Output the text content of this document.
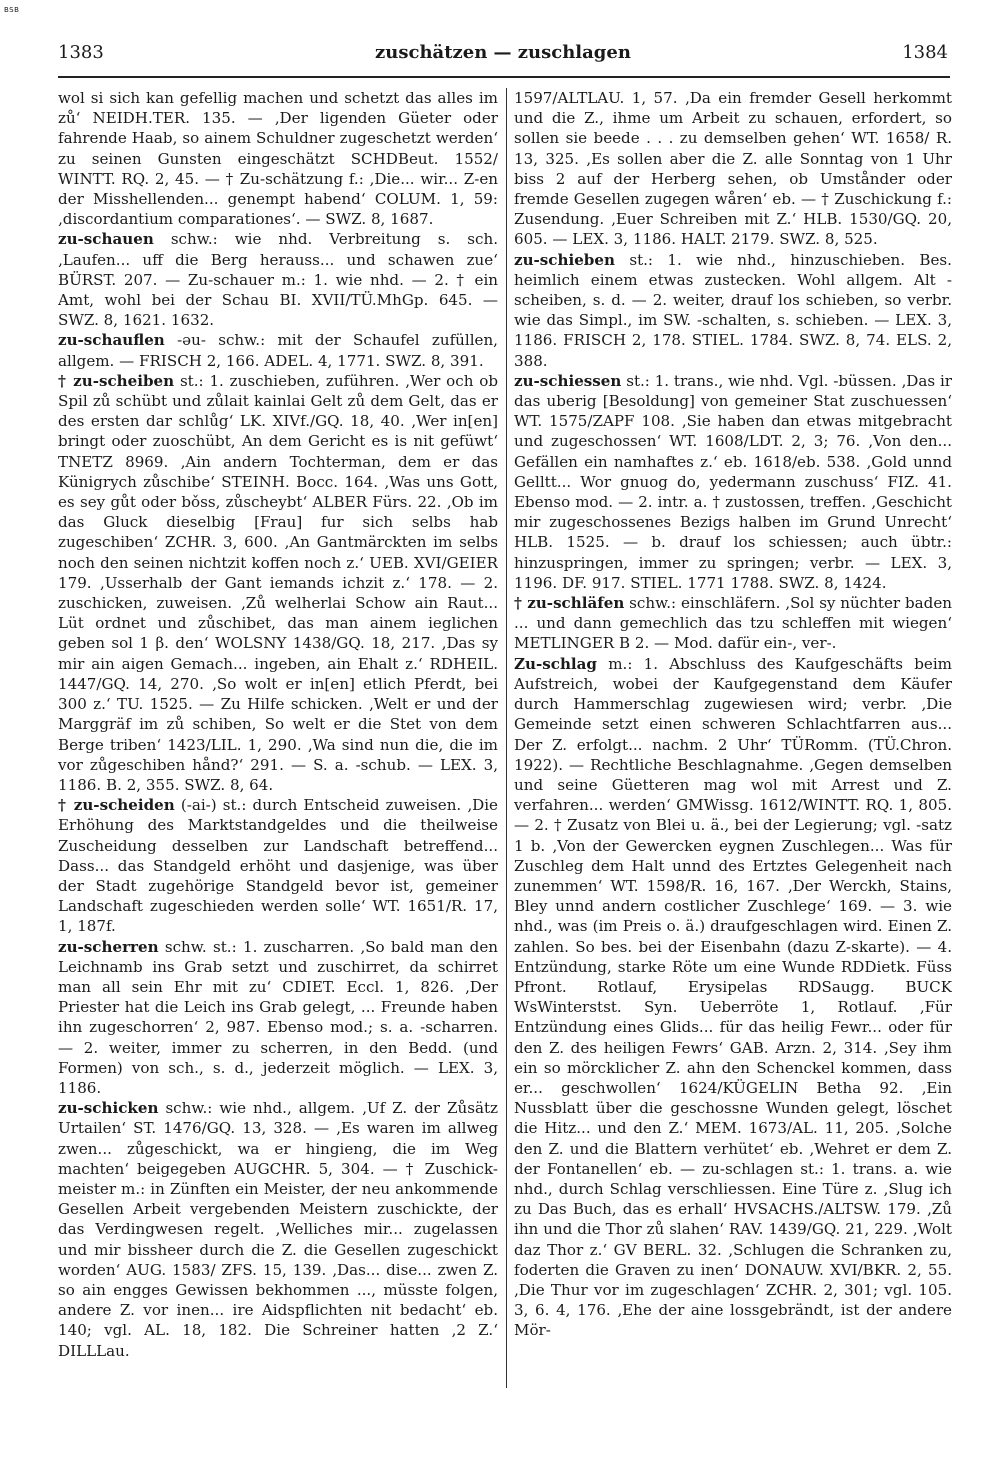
BSB
1383	zuschätzen — zuschlagen	1384

wol si sich kan gefellig machen und schetzt das alles im zů‘ NEIDH.TER. 135. — ‚Der ligenden Güeter oder fahrende Haab, so ainem Schuldner zugeschetzt werden‘ zu seinen Gunsten eingeschätzt SCHDBeut. 1552/ WINTT. RQ. 2, 45. — † Zu-schätzung f.: ‚Die... wir... Z-en der Misshellenden... genempt habend‘ COLUM. 1, 59: ‚discordantium comparationes‘. — SWZ. 8, 1687.

zu-schauen schw.: wie nhd. Verbreitung s. sch. ‚Laufen... uff die Berg herauss... und schawen zue‘ BÜRST. 207. — Zu-schauer m.: 1. wie nhd. — 2. † ein Amt, wohl bei der Schau BI. XVII/TÜ.MhGp. 645. — SWZ. 8, 1621. 1632.

zu-schauflen -ǝu- schw.: mit der Schaufel zufüllen, allgem. — FRISCH 2, 166. ADEL. 4, 1771. SWZ. 8, 391.

† zu-scheiben st.: 1. zuschieben, zuführen. ‚Wer och ob Spil zů schübt und zůlait kainlai Gelt zů dem Gelt, das er des ersten dar schlůg‘ LK. XIVf./GQ. 18, 40. ‚Wer in[en] bringt oder zuoschübt, An dem Gericht es is nit gefüwt‘ TNETZ 8969. ‚Ain andern Tochterman, dem er das Künigrych zůschibe‘ STEINH. Bocc. 164. ‚Was uns Gott, es sey gůt oder bǒss, zůscheybt‘ ALBER Fürs. 22. ‚Ob im das Gluck dieselbig [Frau] fur sich selbs hab zugeschiben‘ ZCHR. 3, 600. ‚An Gantmärckten im selbs noch den seinen nichtzit koffen noch z.‘ UEB. XVI/GEIER 179. ‚Usserhalb der Gant iemands ichzit z.‘ 178. — 2. zuschicken, zuweisen. ‚Zů welherlai Schow ain Raut... Lüt ordnet und zůschibet, das man ainem ieglichen geben sol 1 β. den‘ WOLSNY 1438/GQ. 18, 217. ‚Das sy mir ain aigen Gemach... ingeben, ain Ehalt z.‘ RDHEIL. 1447/GQ. 14, 270. ‚So wolt er in[en] etlich Pferdt, bei 300 z.‘ TU. 1525. — Zu Hilfe schicken. ‚Welt er und der Marggräf im zů schiben, So welt er die Stet von dem Berge triben‘ 1423/LIL. 1, 290. ‚Wa sind nun die, die im vor zůgeschiben hånd?‘ 291. — S. a. -schub. — LEX. 3, 1186. B. 2, 355. SWZ. 8, 64.

† zu-scheiden (-ai-) st.: durch Entscheid zuweisen. ‚Die Erhöhung des Marktstandgeldes und die theilweise Zuscheidung desselben zur Landschaft betreffend... Dass... das Standgeld erhöht und dasjenige, was über der Stadt zugehörige Standgeld bevor ist, gemeiner Landschaft zugeschieden werden solle‘ WT. 1651/R. 17, 1, 187f.

zu-scherren schw. st.: 1. zuscharren. ‚So bald man den Leichnamb ins Grab setzt und zuschirret, da schirret man all sein Ehr mit zu‘ CDIET. Eccl. 1, 826. ‚Der Priester hat die Leich ins Grab gelegt, ... Freunde haben ihn zugeschorren‘ 2, 987. Ebenso mod.; s. a. -scharren. — 2. weiter, immer zu scherren, in den Bedd. (und Formen) von sch., s. d., jederzeit möglich. — LEX. 3, 1186.

zu-schicken schw.: wie nhd., allgem. ‚Uf Z. der Zůsätz Urtailen‘ ST. 1476/GQ. 13, 328. — ‚Es waren im allweg zwen... zůgeschickt, wa er hingieng, die im Weg machten‘ beigegeben AUGCHR. 5, 304. — † Zuschick-meister m.: in Zünften ein Meister, der neu ankommende Gesellen Arbeit vergebenden Meistern zuschickte, der das Verdingwesen regelt. ‚Welliches mir... zugelassen und mir bissheer durch die Z. die Gesellen zugeschickt worden‘ AUG. 1583/ ZFS. 15, 139. ‚Das... dise... zwen Z. so ain engges Gewissen bekhommen ..., müsste folgen, andere Z. vor inen... ire Aidspflichten nit bedacht‘ eb. 140; vgl. AL. 18, 182. Die Schreiner hatten ‚2 Z.‘ DILLLau.

1597/ALTLAU. 1, 57. ‚Da ein fremder Gesell herkommt und die Z., ihme um Arbeit zu schauen, erfordert, so sollen sie beede . . . zu demselben gehen‘ WT. 1658/ R. 13, 325. ‚Es sollen aber die Z. alle Sonntag von 1 Uhr biss 2 auf der Herberg sehen, ob Umstånder oder fremde Gesellen zugegen wåren‘ eb. — † Zuschickung f.: Zusendung. ‚Euer Schreiben mit Z.‘ HLB. 1530/GQ. 20, 605. — LEX. 3, 1186. HALT. 2179. SWZ. 8, 525.

zu-schieben st.: 1. wie nhd., hinzuschieben. Bes. heimlich einem etwas zustecken. Wohl allgem. Alt -scheiben, s. d. — 2. weiter, drauf los schieben, so verbr. wie das Simpl., im SW. -schalten, s. schieben. — LEX. 3, 1186. FRISCH 2, 178. STIEL. 1784. SWZ. 8, 74. ELS. 2, 388.

zu-schiessen st.: 1. trans., wie nhd. Vgl. -büssen. ‚Das ir das uberig [Besoldung] von gemeiner Stat zuschuessen‘ WT. 1575/ZAPF 108. ‚Sie haben dan etwas mitgebracht und zugeschossen‘ WT. 1608/LDT. 2, 3; 76. ‚Von den... Gefällen ein namhaftes z.‘ eb. 1618/eb. 538. ‚Gold unnd Gelltt... Wor gnuog do, yedermann zuschuss‘ FIZ. 41. Ebenso mod. — 2. intr. a. † zustossen, treffen. ‚Geschicht mir zugeschossenes Bezigs halben im Grund Unrecht‘ HLB. 1525. — b. drauf los schiessen; auch übtr.: hinzuspringen, immer zu springen; verbr. — LEX. 3, 1196. DF. 917. STIEL. 1771 1788. SWZ. 8, 1424.

† zu-schläfen schw.: einschläfern. ‚Sol sy nüchter baden ... und dann gemechlich das tzu schleffen mit wiegen‘ METLINGER B 2. — Mod. dafür ein-, ver-.

Zu-schlag m.: 1. Abschluss des Kaufgeschäfts beim Aufstreich, wobei der Kaufgegenstand dem Käufer durch Hammerschlag zugewiesen wird; verbr. ‚Die Gemeinde setzt einen schweren Schlachtfarren aus... Der Z. erfolgt... nachm. 2 Uhr‘ TÜRomm. (TÜ.Chron. 1922). — Rechtliche Beschlagnahme. ‚Gegen demselben und seine Güetteren mag wol mit Arrest und Z. verfahren... werden‘ GMWissg. 1612/WINTT. RQ. 1, 805. — 2. † Zusatz von Blei u. ä., bei der Legierung; vgl. -satz 1 b. ‚Von der Gewercken eygnen Zuschlegen... Was für Zuschleg dem Halt unnd des Ertztes Gelegenheit nach zunemmen‘ WT. 1598/R. 16, 167. ‚Der Werckh, Stains, Bley unnd andern costlicher Zuschlege‘ 169. — 3. wie nhd., was (im Preis o. ä.) draufgeschlagen wird. Einen Z. zahlen. So bes. bei der Eisenbahn (dazu Z-skarte). — 4. Entzündung, starke Röte um eine Wunde RDDietk. Füss Pfront. Rotlauf, Erysipelas RDSaugg. BUCK WsWinterstst. Syn. Ueberröte 1, Rotlauf. ‚Für Entzündung eines Glids... für das heilig Fewr... oder für den Z. des heiligen Fewrs‘ GAB. Arzn. 2, 314. ‚Sey ihm ein so mörcklicher Z. ahn den Schenckel kommen, dass er... geschwollen‘ 1624/KÜGELIN Betha 92. ‚Ein Nussblatt über die geschossne Wunden gelegt, löschet die Hitz... und den Z.‘ MEM. 1673/AL. 11, 205. ‚Solche den Z. und die Blattern verhütet‘ eb. ‚Wehret er dem Z. der Fontanellen‘ eb. — zu-schlagen st.: 1. trans. a. wie nhd., durch Schlag verschliessen. Eine Türe z. ‚Slug ich zu Das Buch, das es erhall‘ HVSACHS./ALTSW. 179. ‚Zů ihn und die Thor zů slahen‘ RAV. 1439/GQ. 21, 229. ‚Wolt daz Thor z.‘ GV BERL. 32. ‚Schlugen die Schranken zu, foderten die Graven zu inen‘ DONAUW. XVI/BKR. 2, 55. ‚Die Thur vor im zugeschlagen‘ ZCHR. 2, 301; vgl. 105. 3, 6. 4, 176. ‚Ehe der aine lossgebrändt, ist der andere Mör-
